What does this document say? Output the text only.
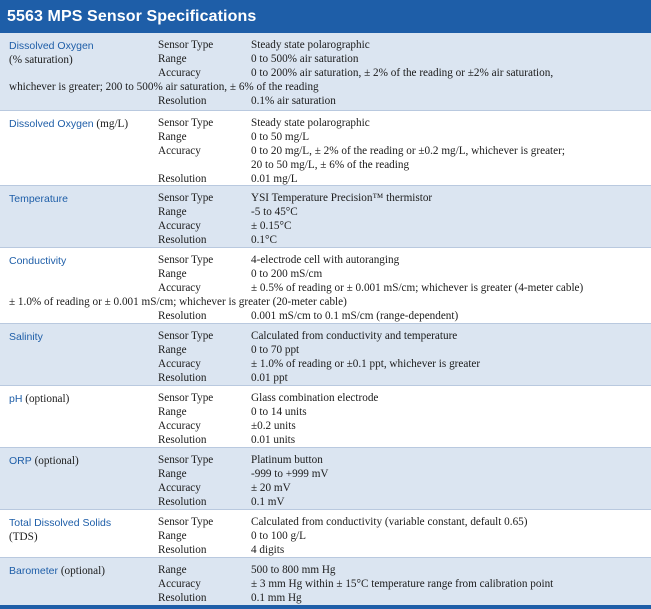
5563 MPS Sensor Specifications
Dissolved Oxygen
(% saturation)
Sensor Type	Steady state polarographic
Range	0 to 500% air saturation
Accuracy	0 to 200% air saturation, ± 2% of the reading or ±2% air saturation,
whichever is greater; 200 to 500% air saturation, ± 6% of the reading
Resolution	0.1% air saturation
Dissolved Oxygen (mg/L)	Sensor Type	Steady state polarographic
Range	0 to 50 mg/L
Accuracy	0 to 20 mg/L, ± 2% of the reading or ±0.2 mg/L, whichever is greater;
20 to 50 mg/L, ± 6% of the reading
Resolution	0.01 mg/L
Temperature	Sensor Type	YSI Temperature Precision™ thermistor
Range	-5 to 45°C
Accuracy	± 0.15°C
Resolution	0.1°C
Conductivity	Sensor Type	4-electrode cell with autoranging
Range	0 to 200 mS/cm
Accuracy	± 0.5% of reading or ± 0.001 mS/cm; whichever is greater (4-meter cable)
± 1.0% of reading or ± 0.001 mS/cm; whichever is greater (20-meter cable)
Resolution	0.001 mS/cm to 0.1 mS/cm (range-dependent)
Salinity	Sensor Type	Calculated from conductivity and temperature
Range	0 to 70 ppt
Accuracy	± 1.0% of reading or ±0.1 ppt, whichever is greater
Resolution	0.01 ppt
pH (optional)	Sensor Type	Glass combination electrode
Range	0 to 14 units
Accuracy	±0.2 units
Resolution	0.01 units
ORP (optional)	Sensor Type	Platinum button
Range	-999 to +999 mV
Accuracy	± 20 mV
Resolution	0.1 mV
Total Dissolved Solids
(TDS)
Sensor Type	Calculated from conductivity (variable constant, default 0.65)
Range	0 to 100 g/L
Resolution	4 digits
Barometer (optional)	Range	500 to 800 mm Hg
Accuracy	± 3 mm Hg within ± 15°C temperature range from calibration point
Resolution	0.1 mm Hg
